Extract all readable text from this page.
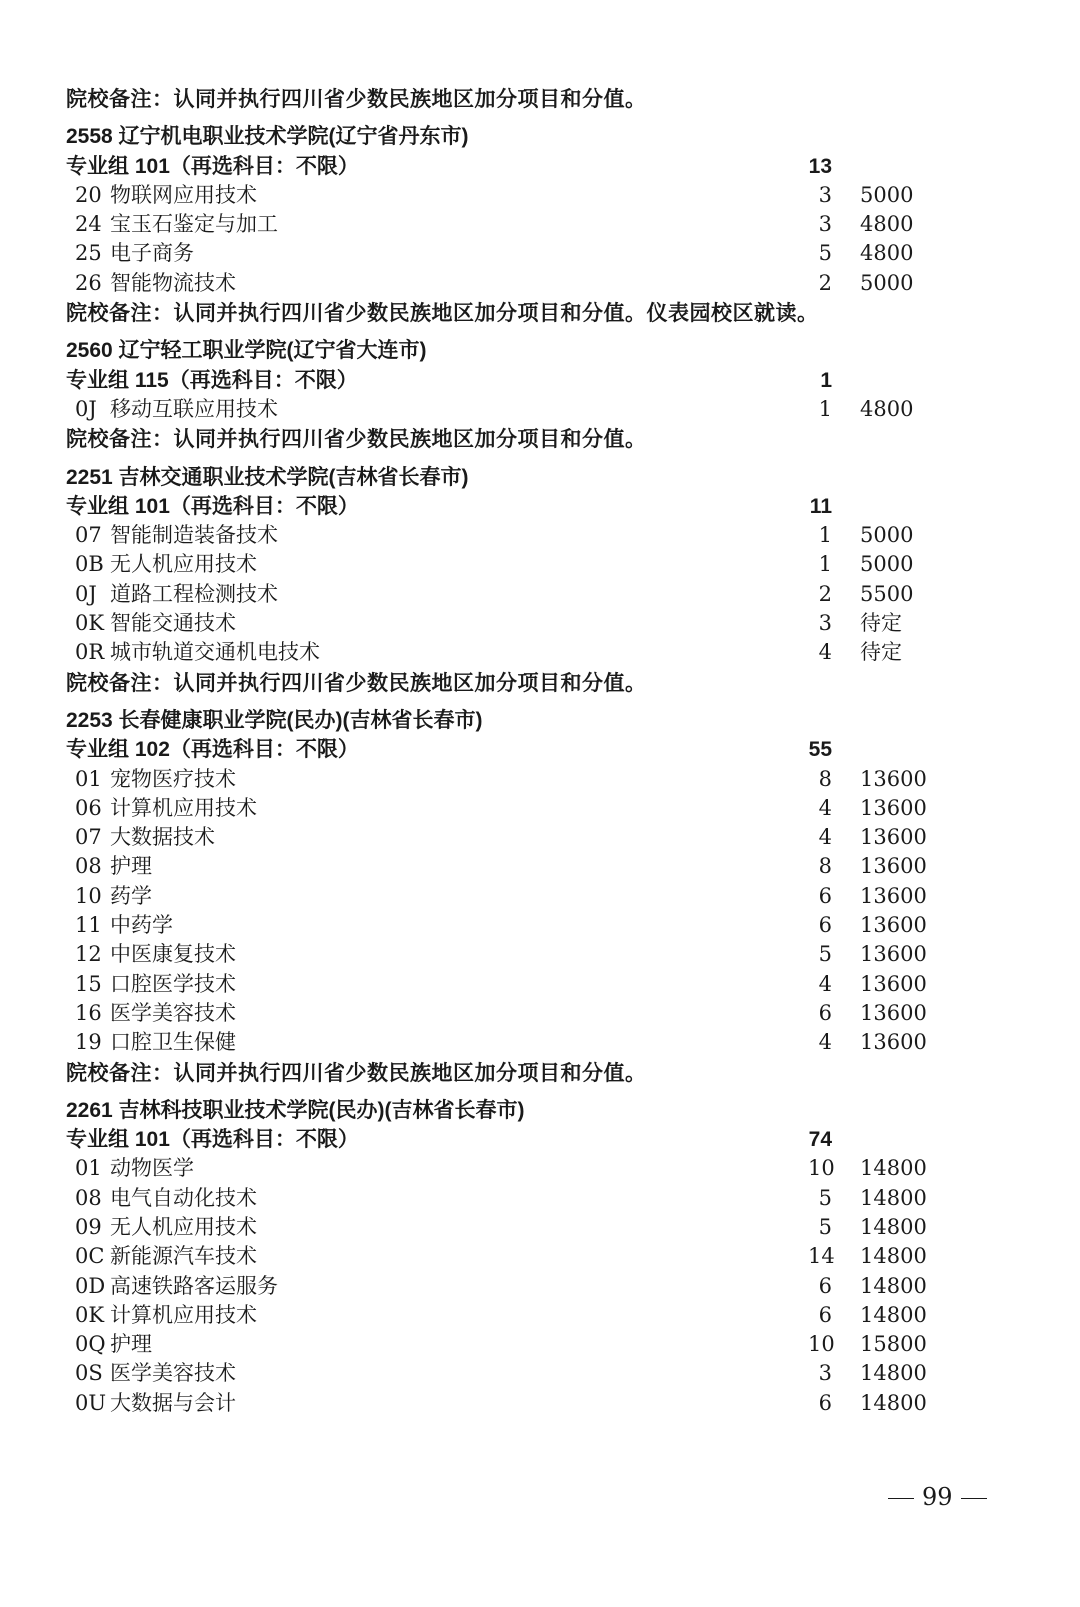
院校备注：认同并执行四川省少数民族地区加分项目和分值。
2558 辽宁机电职业技术学院(辽宁省丹东市)
专业组 101（再选科目：不限）	13
20 物联网应用技术	3 5000
24 宝玉石鉴定与加工	3 4800
25 电子商务	5 4800
26 智能物流技术	2 5000
院校备注：认同并执行四川省少数民族地区加分项目和分值。仪表园校区就读。
2560 辽宁轻工职业学院(辽宁省大连市)
专业组 115（再选科目：不限）	1
0J 移动互联应用技术	1 4800
院校备注：认同并执行四川省少数民族地区加分项目和分值。
2251 吉林交通职业技术学院(吉林省长春市)
专业组 101（再选科目：不限）	11
07 智能制造装备技术	1 5000
0B 无人机应用技术	1 5000
0J 道路工程检测技术	2 5500
0K 智能交通技术	3 待定
0R 城市轨道交通机电技术	4 待定
院校备注：认同并执行四川省少数民族地区加分项目和分值。
2253 长春健康职业学院(民办)(吉林省长春市)
专业组 102（再选科目：不限）	55
01 宠物医疗技术	8 13600
06 计算机应用技术	4 13600
07 大数据技术	4 13600
08 护理	8 13600
10 药学	6 13600
11 中药学	6 13600
12 中医康复技术	5 13600
15 口腔医学技术	4 13600
16 医学美容技术	6 13600
19 口腔卫生保健	4 13600
院校备注：认同并执行四川省少数民族地区加分项目和分值。
2261 吉林科技职业技术学院(民办)(吉林省长春市)
专业组 101（再选科目：不限）	74
01 动物医学	10 14800
08 电气自动化技术	5 14800
09 无人机应用技术	5 14800
0C 新能源汽车技术	14 14800
0D 高速铁路客运服务	6 14800
0K 计算机应用技术	6 14800
0Q 护理	10 15800
0S 医学美容技术	3 14800
0U 大数据与会计	6 14800
99
